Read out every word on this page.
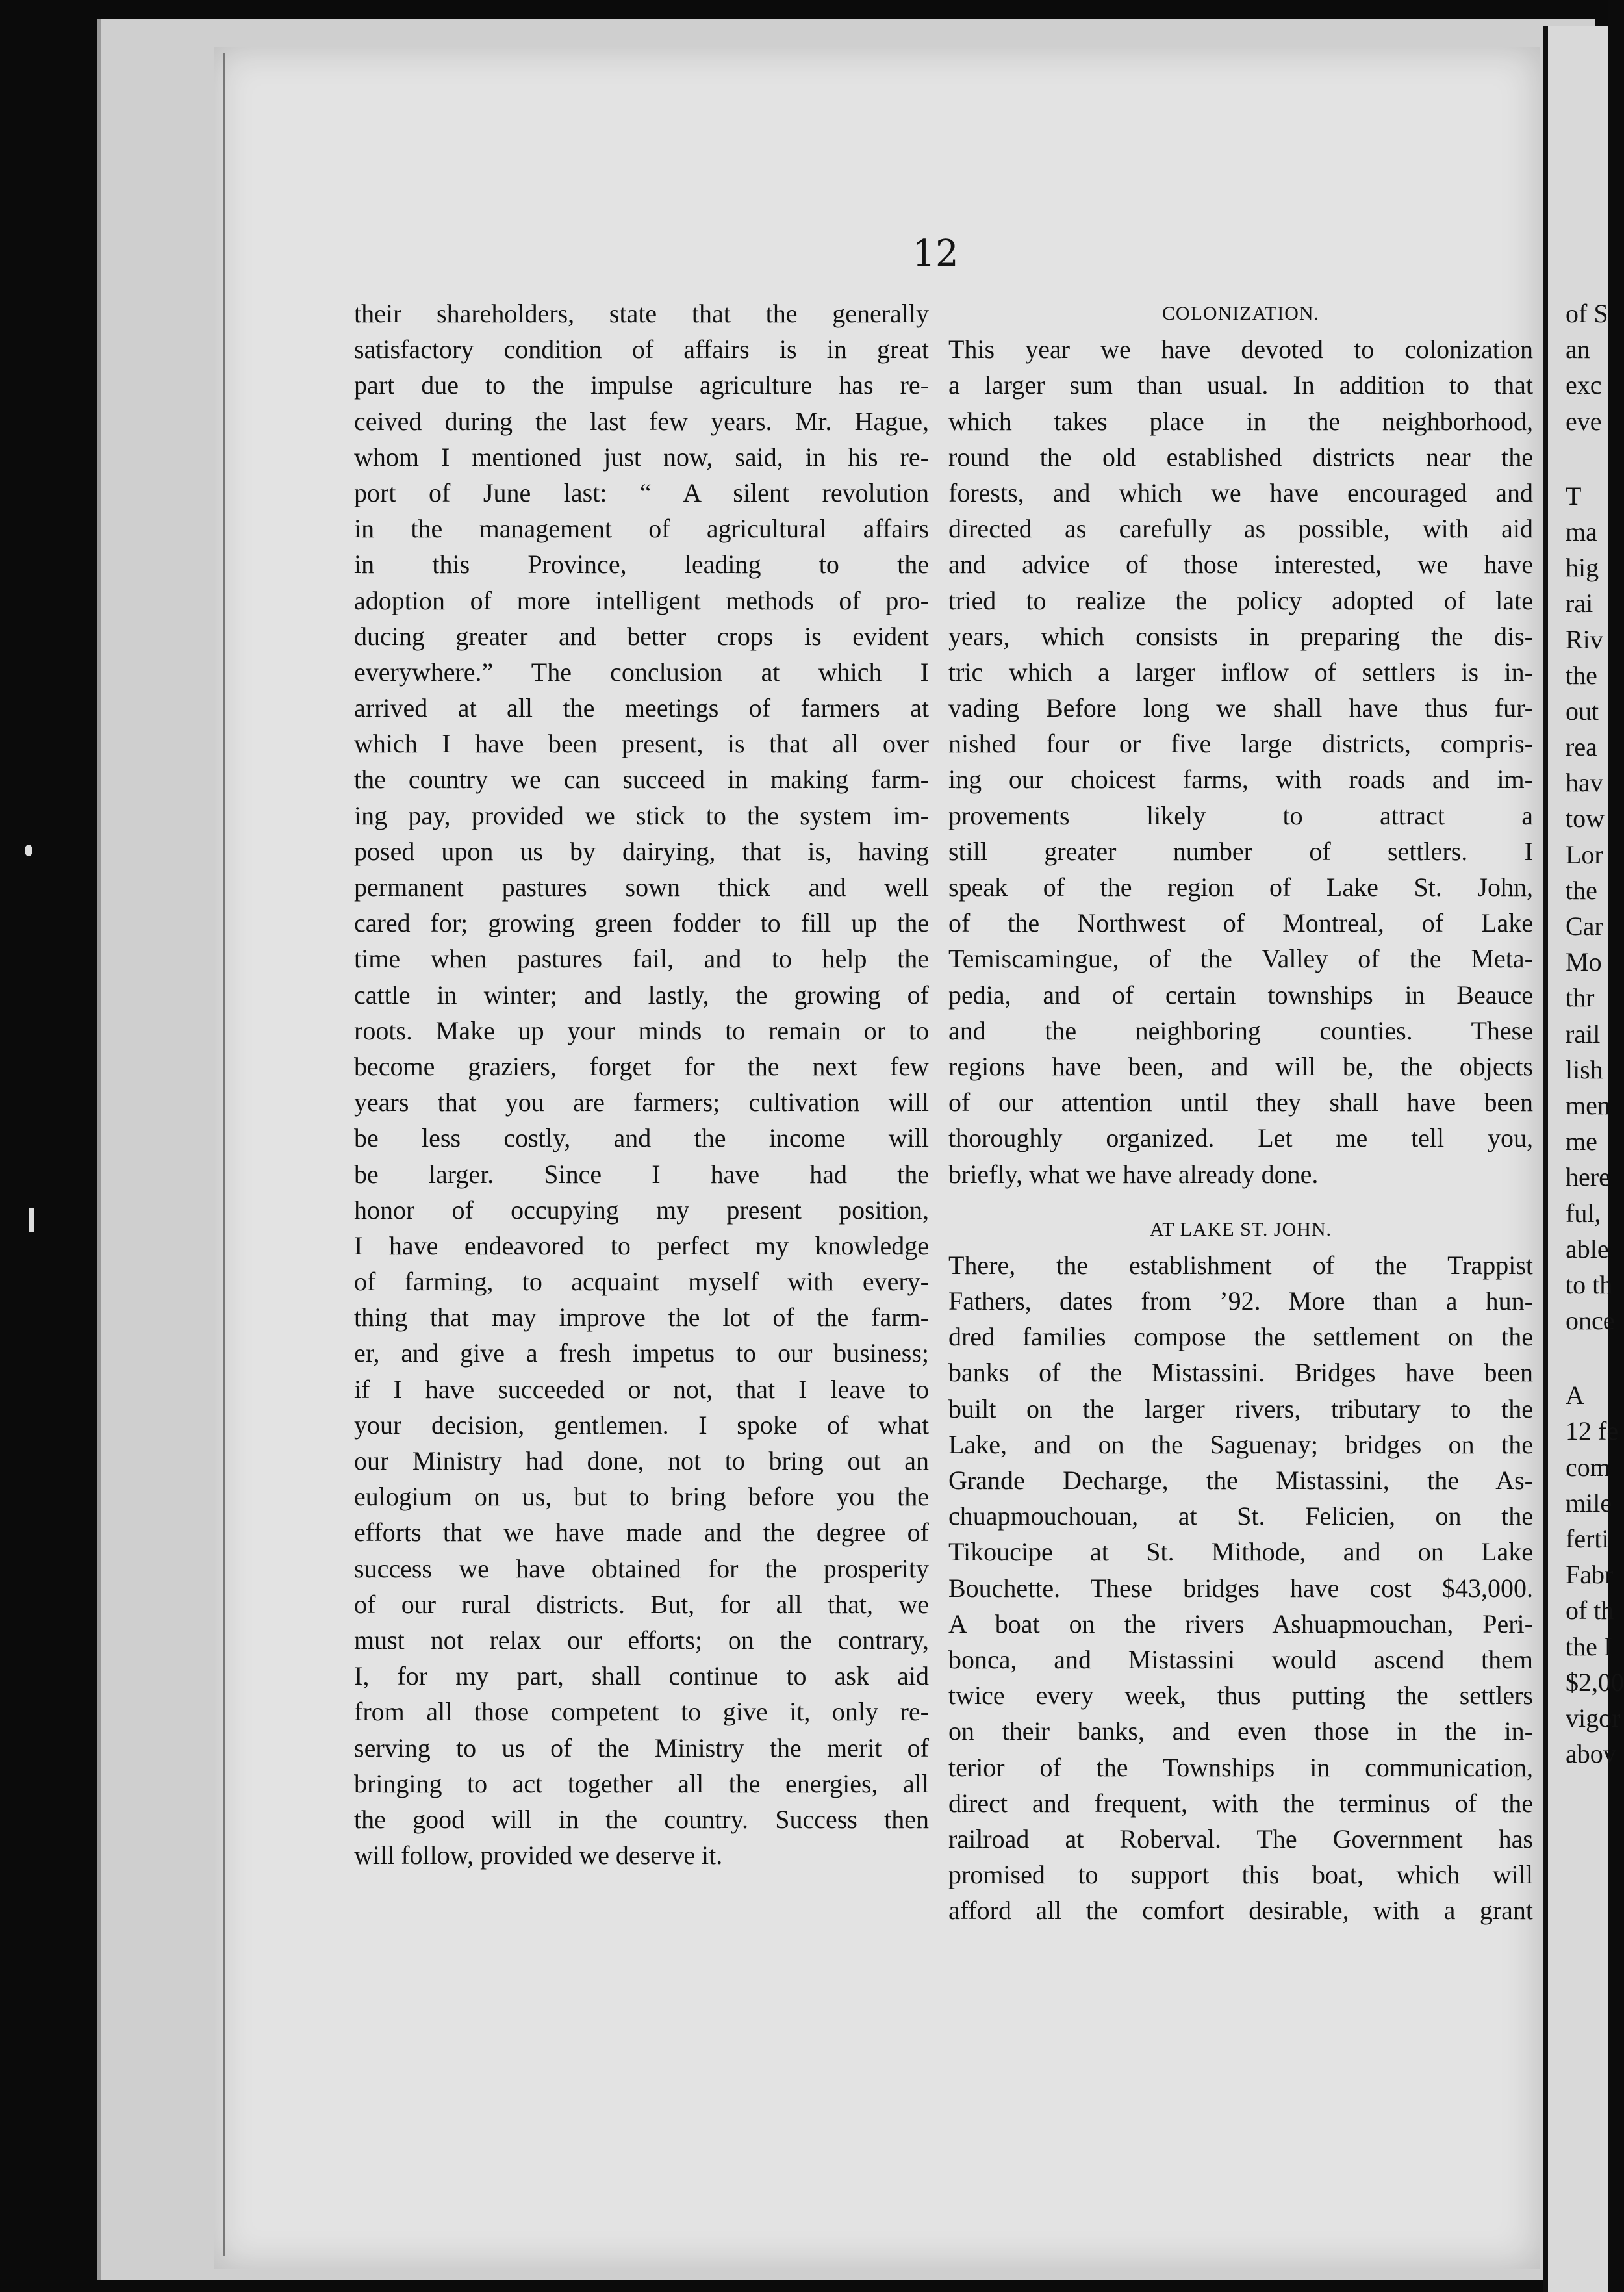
12
their shareholders, state that the generally
satisfactory condition of affairs is in great
part due to the impulse agriculture has re-
ceived during the last few years. Mr. Hague,
whom I mentioned just now, said, in his re-
port of June last: “ A silent revolution
in the management of agricultural affairs
in this Province, leading to the
adoption of more intelligent methods of pro-
ducing greater and better crops is evident
everywhere.” The conclusion at which I
arrived at all the meetings of farmers at
which I have been present, is that all over
the country we can succeed in making farm-
ing pay, provided we stick to the system im-
posed upon us by dairying, that is, having
permanent pastures sown thick and well
cared for; growing green fodder to fill up the
time when pastures fail, and to help the
cattle in winter; and lastly, the growing of
roots. Make up your minds to remain or to
become graziers, forget for the next few
years that you are farmers; cultivation will
be less costly, and the income will
be larger. Since I have had the
honor of occupying my present position,
I have endeavored to perfect my knowledge
of farming, to acquaint myself with every-
thing that may improve the lot of the farm-
er, and give a fresh impetus to our business;
if I have succeeded or not, that I leave to
your decision, gentlemen. I spoke of what
our Ministry had done, not to bring out an
eulogium on us, but to bring before you the
efforts that we have made and the degree of
success we have obtained for the prosperity
of our rural districts. But, for all that, we
must not relax our efforts; on the contrary,
I, for my part, shall continue to ask aid
from all those competent to give it, only re-
serving to us of the Ministry the merit of
bringing to act together all the energies, all
the good will in the country. Success then
will follow, provided we deserve it.
COLONIZATION.
This year we have devoted to colonization
a larger sum than usual. In addition to that
which takes place in the neighborhood,
round the old established districts near the
forests, and which we have encouraged and
directed as carefully as possible, with aid
and advice of those interested, we have
tried to realize the policy adopted of late
years, which consists in preparing the dis-
tric which a larger inflow of settlers is in-
vading Before long we shall have thus fur-
nished four or five large districts, compris-
ing our choicest farms, with roads and im-
provements likely to attract a
still greater number of settlers. I
speak of the region of Lake St. John,
of the Northwest of Montreal, of Lake
Temiscamingue, of the Valley of the Meta-
pedia, and of certain townships in Beauce
and the neighboring counties. These
regions have been, and will be, the objects
of our attention until they shall have been
thoroughly organized. Let me tell you,
briefly, what we have already done.
AT LAKE ST. JOHN.
There, the establishment of the Trappist
Fathers, dates from ’92. More than a hun-
dred families compose the settlement on the
banks of the Mistassini. Bridges have been
built on the larger rivers, tributary to the
Lake, and on the Saguenay; bridges on the
Grande Decharge, the Mistassini, the As-
chuapmouchouan, at St. Felicien, on the
Tikoucipe at St. Mithode, and on Lake
Bouchette. These bridges have cost $43,000.
A boat on the rivers Ashuapmouchan, Peri-
bonca, and Mistassini would ascend them
twice every week, thus putting the settlers
on their banks, and even those in the in-
terior of the Townships in communication,
direct and frequent, with the terminus of the
railroad at Roberval. The Government has
promised to support this boat, which will
afford all the comfort desirable, with a grant
of S
an
exc
eve
T
ma
hig
rai
Riv
the
out
rea
hav
tow
Lor
the
Car
Mo
thr
rail
lish
men
me
here
ful,
able
to th
once
A
12 fe
com
mile
ferti
Fabr
of th
the I
$2,00
vigor
abov
